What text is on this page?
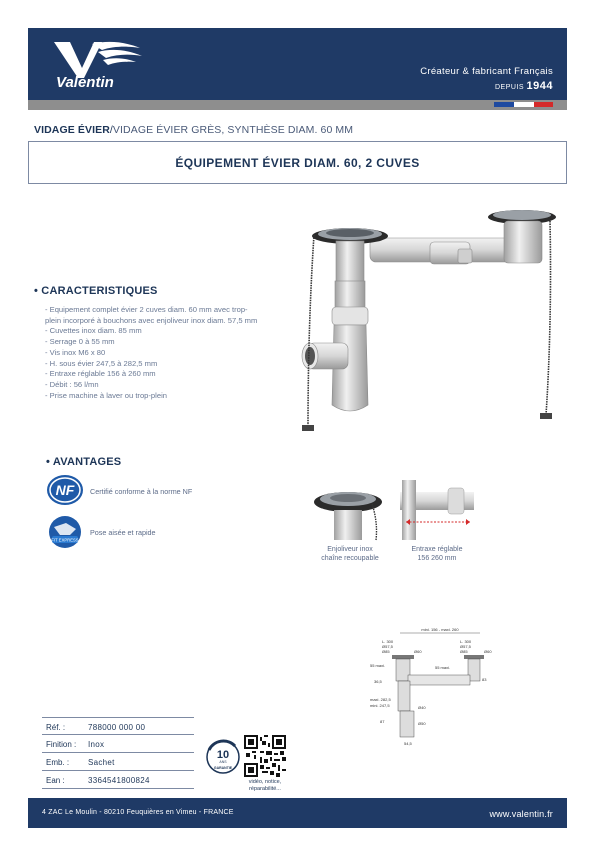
Valentin
Créateur & fabricant Français
DEPUIS 1944
VIDAGE ÉVIER/VIDAGE ÉVIER GRÈS, SYNTHÈSE DIAM. 60 MM
ÉQUIPEMENT ÉVIER DIAM. 60, 2 CUVES
• CARACTERISTIQUES
- Equipement complet évier 2 cuves diam. 60 mm avec trop-
plein incorporé à bouchons avec enjoliveur inox diam. 57,5 mm
- Cuvettes inox diam. 85 mm
- Serrage 0 à 55 mm
- Vis inox M6 x 80
- H. sous évier 247,5 à 282,5 mm
- Entraxe réglable 156 à 260 mm
- Débit : 56 l/mn
- Prise machine à laver ou trop-plein
• AVANTAGES
NF Certifié conforme à la norme NF
FIT EXPRESS
Pose aisée et rapide
Enjoliveur inox
chaîne recoupable
Entraxe réglable
156 260 mm
mini. 156 - maxi. 260
L. 300
Ø57,5
Ø85	Ø60
55 maxi.
36,5
L. 300
Ø57,5
Ø85	Ø60
55 maxi.
83
maxi. 282,5
mini. 247,5
87
Ø40
Ø50
54,5
Réf. :	788000 000 00
Finition : Inox
Emb. : Sachet
Ean :	3364541800824
10
ANS
GARANTIE
vidéo, notice,
réparabilité...
4 ZAC Le Moulin - 80210 Feuquières en Vimeu - FRANCE	www.valentin.fr
